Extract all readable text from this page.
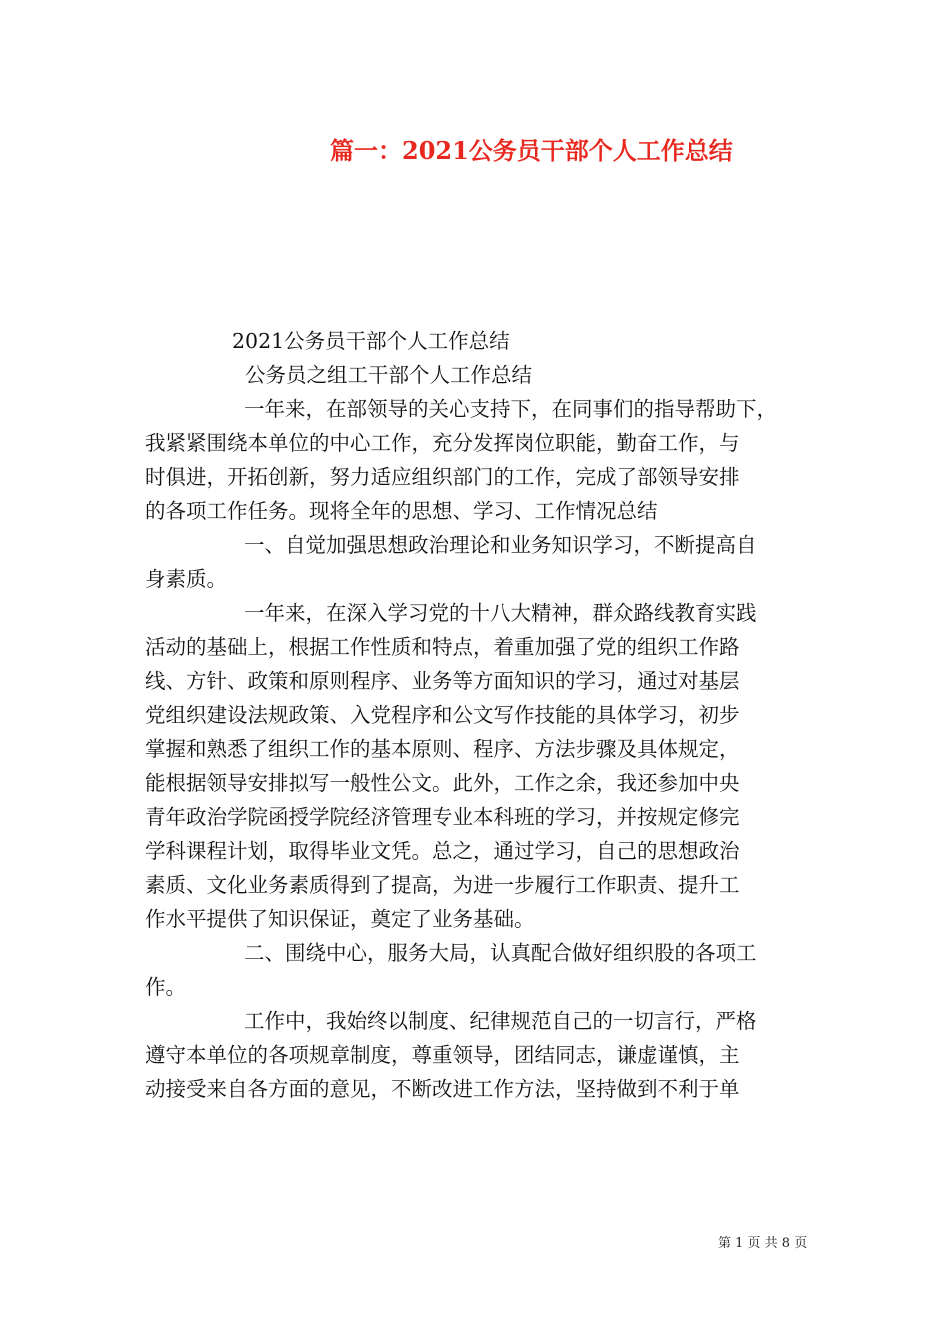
篇一：2021公务员干部个人工作总结
2021公务员干部个人工作总结
公务员之组工干部个人工作总结
一年来，在部领导的关心支持下，在同事们的指导帮助下，
我紧紧围绕本单位的中心工作，充分发挥岗位职能，勤奋工作，与
时俱进，开拓创新，努力适应组织部门的工作，完成了部领导安排
的各项工作任务。现将全年的思想、学习、工作情况总结
一、自觉加强思想政治理论和业务知识学习，不断提高自
身素质。
一年来，在深入学习党的十八大精神，群众路线教育实践
活动的基础上，根据工作性质和特点，着重加强了党的组织工作路
线、方针、政策和原则程序、业务等方面知识的学习，通过对基层
党组织建设法规政策、入党程序和公文写作技能的具体学习，初步
掌握和熟悉了组织工作的基本原则、程序、方法步骤及具体规定，
能根据领导安排拟写一般性公文。此外，工作之余，我还参加中央
青年政治学院函授学院经济管理专业本科班的学习，并按规定修完
学科课程计划，取得毕业文凭。总之，通过学习，自己的思想政治
素质、文化业务素质得到了提高，为进一步履行工作职责、提升工
作水平提供了知识保证，奠定了业务基础。
二、围绕中心，服务大局，认真配合做好组织股的各项工
作。
工作中，我始终以制度、纪律规范自己的一切言行，严格
遵守本单位的各项规章制度，尊重领导，团结同志，谦虚谨慎，主
动接受来自各方面的意见，不断改进工作方法，坚持做到不利于单
第 1 页 共 8 页
